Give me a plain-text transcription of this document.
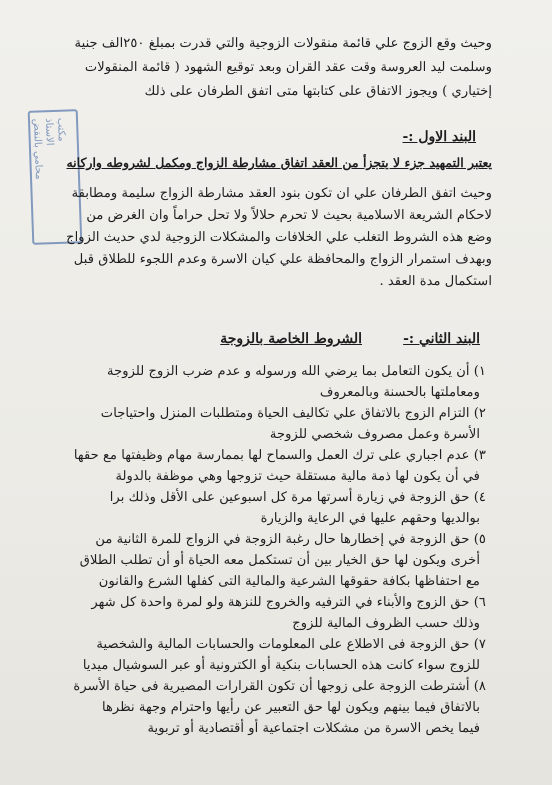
مكتب
الاستاذ
محامي بالنقض
وحيث وقع الزوج علي قائمة منقولات الزوجية والتي قدرت بمبلغ ٢٥٠الف جنية
وسلمت ليد العروسة وقت عقد القران وبعد توقيع الشهود ( قائمة المنقولات
إختياري ) ويجوز الاتفاق على كتابتها متى اتفق الطرفان على ذلك
البند الاول :-
يعتبر التمهيد جزء لا يتجزأ من العقد اتفاق مشارطة الزواج ومكمل لشروطه واركانه
وحيث اتفق الطرفان علي ان تكون بنود العقد مشارطة الزواج سليمة ومطابقة
لاحكام الشريعة الاسلامية بحيث لا تحرم حلالاً ولا تحل حراماً وان الغرض من
وضع هذه الشروط التغلب علي الخلافات والمشكلات الزوجية لدي حديث الزواج
وبهدف استمرار الزواج والمحافظة علي كيان الاسرة وعدم اللجوء للطلاق قبل
استكمال مدة العقد .
البند الثاني :-
الشروط الخاصة بالزوجة
١) أن يكون التعامل بما يرضي الله ورسوله و عدم ضرب الزوج للزوجة
ومعاملتها بالحسنة وبالمعروف
٢) التزام الزوج بالاتفاق علي تكاليف الحياة ومتطلبات المنزل واحتياجات
الأسرة وعمل مصروف شخصي للزوجة
٣) عدم اجباري على ترك العمل والسماح لها بممارسة مهام وظيفتها مع حقها
في أن يكون لها ذمة مالية مستقلة حيث تزوجها وهي موظفة بالدولة
٤) حق الزوجة في زيارة أسرتها مرة كل اسبوعين على الأقل وذلك برا
بوالديها وحقهم عليها في الرعاية والزيارة
٥) حق الزوجة في إخطارها حال رغبة الزوجة في الزواج للمرة الثانية من
أخرى ويكون لها حق الخيار بين أن تستكمل معه الحياة أو أن تطلب الطلاق
مع احتفاظها بكافة حقوقها الشرعية والمالية التى كفلها الشرع والقانون
٦) حق الزوج والأبناء في الترفيه والخروج للنزهة ولو لمرة واحدة كل شهر
وذلك حسب الظروف المالية للزوج
٧) حق الزوجة فى الاطلاع على المعلومات والحسابات المالية والشخصية
للزوج سواء كانت هذه الحسابات بنكية أو الكترونية أو عبر السوشيال ميديا
٨) أشترطت الزوجة على زوجها أن تكون القرارات المصيرية فى حياة الأسرة
بالاتفاق فيما بينهم ويكون لها حق التعبير عن رأيها واحترام وجهة نظرها
فيما يخص الاسرة من مشكلات اجتماعية أو أقتصادية أو تربوية
